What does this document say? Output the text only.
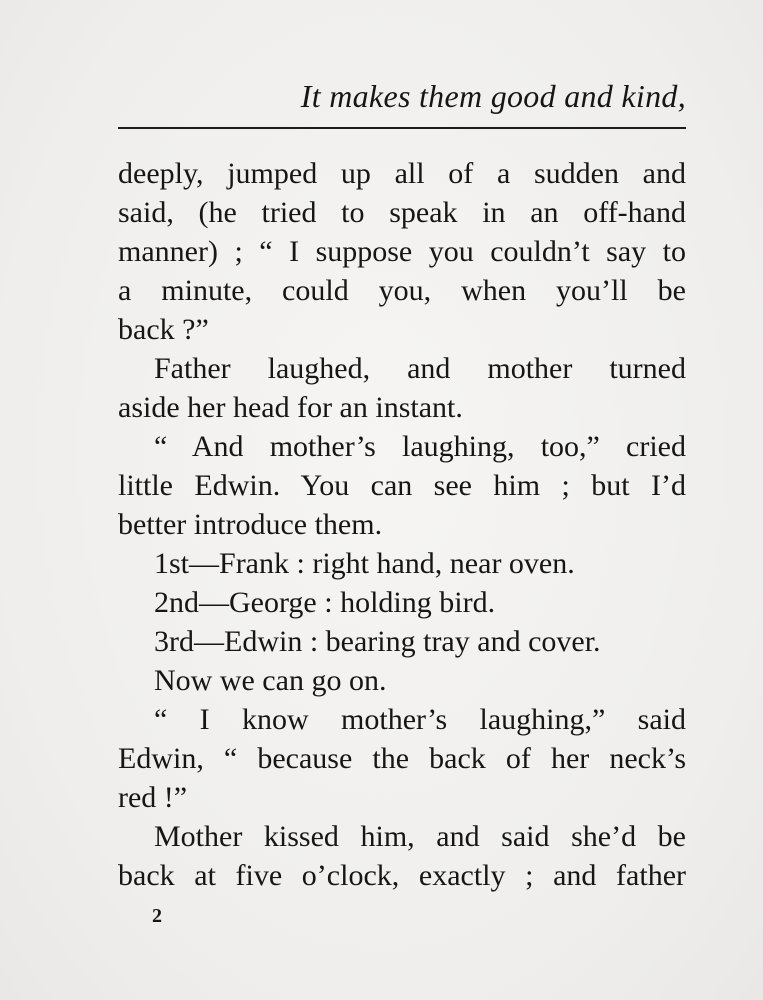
It makes them good and kind,
deeply, jumped up all of a sudden and
said, (he tried to speak in an off-hand
manner) ; “ I suppose you couldn’t say to
a minute, could you, when you’ll be
back ?”
Father laughed, and mother turned
aside her head for an instant.
“ And mother’s laughing, too,” cried
little Edwin. You can see him ; but I’d
better introduce them.
1st—Frank : right hand, near oven.
2nd—George : holding bird.
3rd—Edwin : bearing tray and cover.
Now we can go on.
“ I know mother’s laughing,” said
Edwin, “ because the back of her neck’s
red !”
Mother kissed him, and said she’d be
back at five o’clock, exactly ; and father
2
